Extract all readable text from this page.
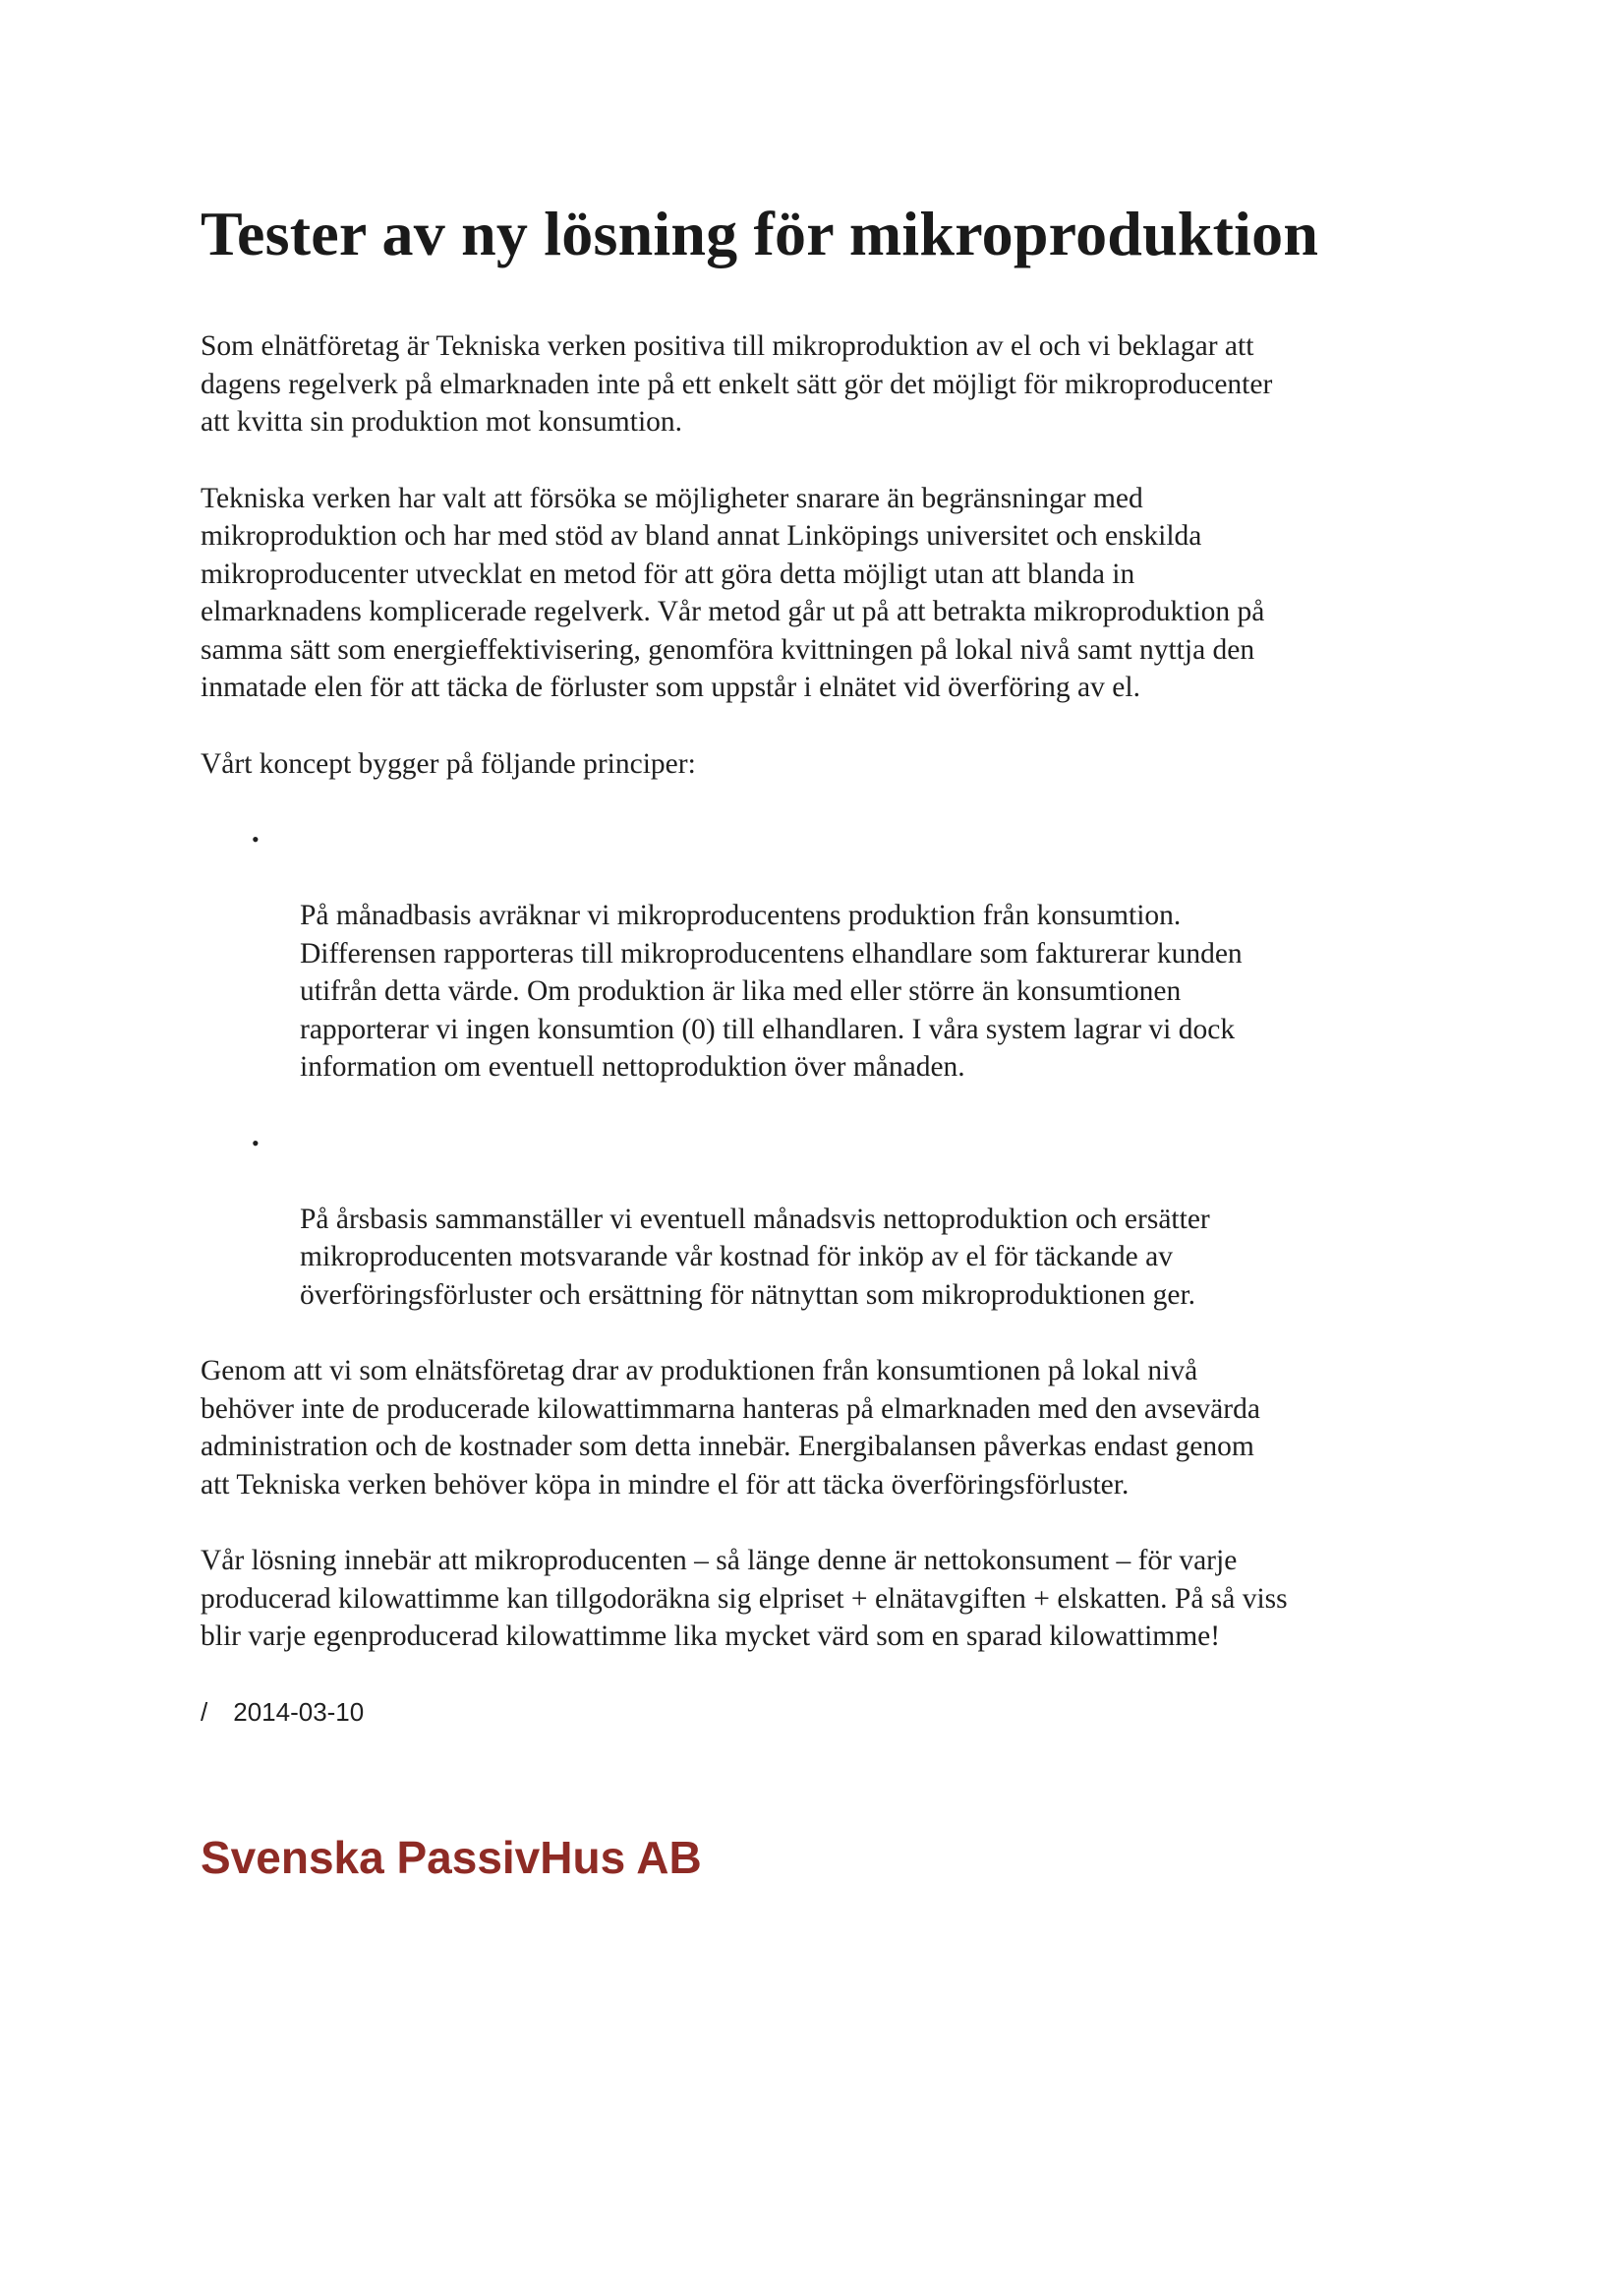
Tester av ny lösning för mikroproduktion

Som elnätföretag är Tekniska verken positiva till mikroproduktion av el och vi beklagar att
dagens regelverk på elmarknaden inte på ett enkelt sätt gör det möjligt för mikroproducenter
att kvitta sin produktion mot konsumtion.

Tekniska verken har valt att försöka se möjligheter snarare än begränsningar med
mikroproduktion och har med stöd av bland annat Linköpings universitet och enskilda
mikroproducenter utvecklat en metod för att göra detta möjligt utan att blanda in
elmarknadens komplicerade regelverk. Vår metod går ut på att betrakta mikroproduktion på
samma sätt som energieffektivisering, genomföra kvittningen på lokal nivå samt nyttja den
inmatade elen för att täcka de förluster som uppstår i elnätet vid överföring av el.

Vårt koncept bygger på följande principer:

•

På månadbasis avräknar vi mikroproducentens produktion från konsumtion.
Differensen rapporteras till mikroproducentens elhandlare som fakturerar kunden
utifrån detta värde. Om produktion är lika med eller större än konsumtionen
rapporterar vi ingen konsumtion (0) till elhandlaren. I våra system lagrar vi dock
information om eventuell nettoproduktion över månaden.

•

På årsbasis sammanställer vi eventuell månadsvis nettoproduktion och ersätter
mikroproducenten motsvarande vår kostnad för inköp av el för täckande av
överföringsförluster och ersättning för nätnyttan som mikroproduktionen ger.

Genom att vi som elnätsföretag drar av produktionen från konsumtionen på lokal nivå
behöver inte de producerade kilowattimmarna hanteras på elmarknaden med den avsevärda
administration och de kostnader som detta innebär. Energibalansen påverkas endast genom
att Tekniska verken behöver köpa in mindre el för att täcka överföringsförluster.

Vår lösning innebär att mikroproducenten – så länge denne är nettokonsument – för varje
producerad kilowattimme kan tillgodoräkna sig elpriset + elnätavgiften + elskatten. På så viss
blir varje egenproducerad kilowattimme lika mycket värd som en sparad kilowattimme!

/ 2014-03-10
Svenska PassivHus AB
